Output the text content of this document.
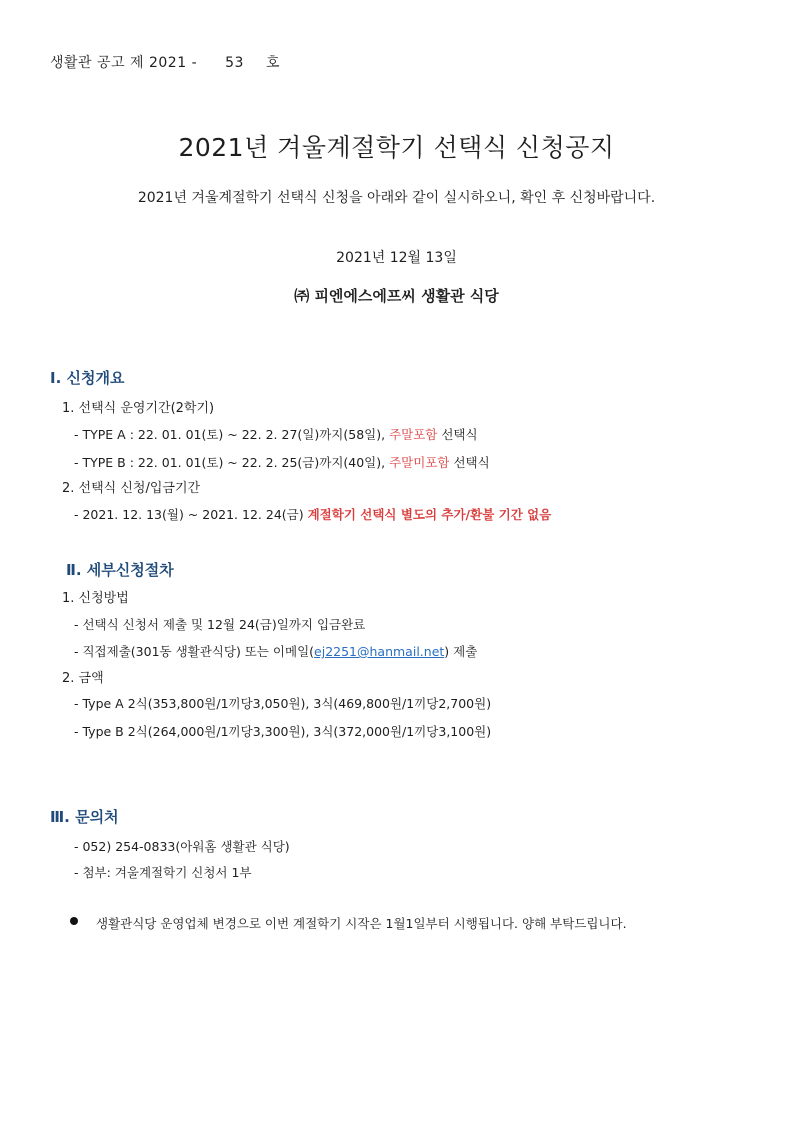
생활관 공고 제 2021 - 53 호
2021년 겨울계절학기 선택식 신청공지
2021년 겨울계절학기 선택식 신청을 아래와 같이 실시하오니, 확인 후 신청바랍니다.
2021년 12월 13일
㈜ 피엔에스에프씨 생활관 식당
Ⅰ. 신청개요
1. 선택식 운영기간(2학기)
- TYPE A : 22. 01. 01(토) ~ 22. 2. 27(일)까지(58일), 주말포함 선택식
- TYPE B : 22. 01. 01(토) ~ 22. 2. 25(금)까지(40일), 주말미포함 선택식
2. 선택식 신청/입금기간
- 2021. 12. 13(월) ~ 2021. 12. 24(금) 계절학기 선택식 별도의 추가/환불 기간 없음
Ⅱ. 세부신청절차
1. 신청방법
- 선택식 신청서 제출 및 12월 24(금)일까지 입금완료
- 직접제출(301동 생활관식당) 또는 이메일(ej2251@hanmail.net) 제출
2. 금액
- Type A 2식(353,800원/1끼당3,050원), 3식(469,800원/1끼당2,700원)
- Type B 2식(264,000원/1끼당3,300원), 3식(372,000원/1끼당3,100원)
Ⅲ. 문의처
- 052) 254-0833(아워홈 생활관 식당)
- 첨부: 겨울계절학기 신청서 1부
생활관식당 운영업체 변경으로 이번 계절학기 시작은 1월1일부터 시행됩니다. 양해 부탁드립니다.
